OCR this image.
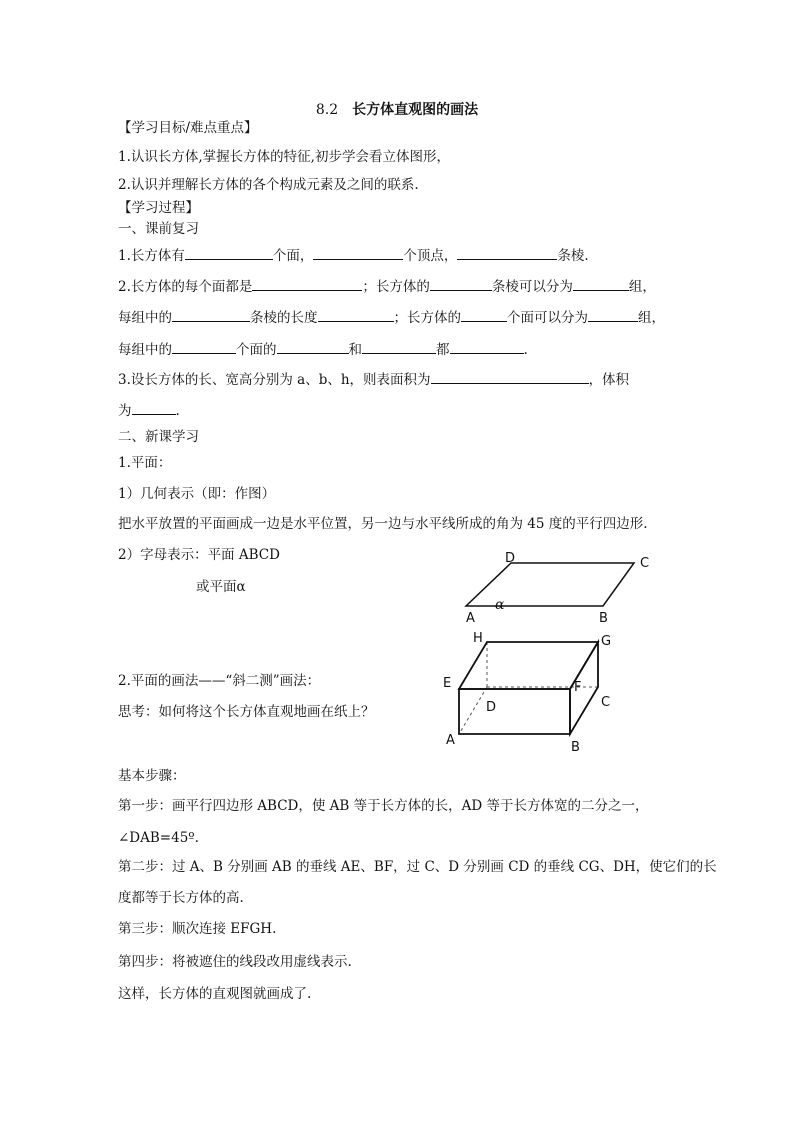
8.2 长方体直观图的画法
【学习目标/难点重点】
1.认识长方体,掌握长方体的特征,初步学会看立体图形，
2.认识并理解长方体的各个构成元素及之间的联系.
【学习过程】
一、课前复习
1.长方体有	个面，	个顶点，	条棱.
2.长方体的每个面都是	；长方体的	条棱可以分为	组，
每组中的	条棱的长度	；长方体的	个面可以分为	组，
每组中的	个面的	和	都	.
3.设长方体的长、宽高分别为 a、b、h，则表面积为	，体积
为	.
二、新课学习
1.平面：
1）几何表示（即：作图）
把水平放置的平面画成一边是水平位置，另一边与水平线所成的角为 45 度的平行四边形.
2）字母表示：平面 ABCD
或平面α
2.平面的画法——“斜二测”画法：
思考：如何将这个长方体直观地画在纸上？
基本步骤：
第一步：画平行四边形 ABCD，使 AB 等于长方体的长，AD 等于长方体宽的二分之一，
∠DAB=45º.
第二步：过 A、B 分别画 AB 的垂线 AE、BF，过 C、D 分别画 CD 的垂线 CG、DH，使它们的长
度都等于长方体的高.
第三步：顺次连接 EFGH.
第四步：将被遮住的线段改用虚线表示.
这样，长方体的直观图就画成了.
D	C
A	B
α
H	G
E	F
D	C
A	B
